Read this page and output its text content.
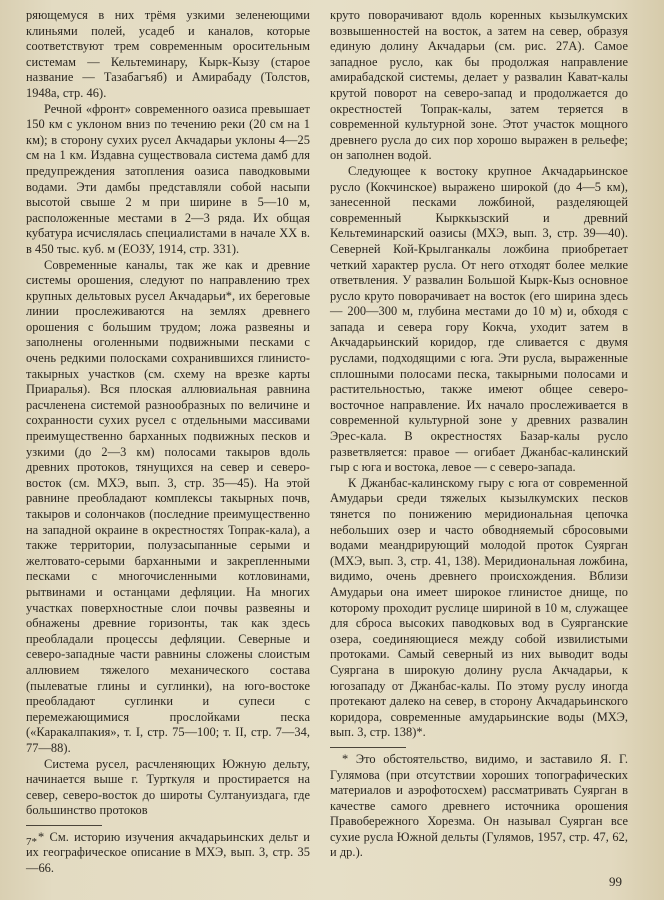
ряющемуся в них трёмя узкими зеленеющими клиньями полей, усадеб и каналов, которые соответствуют трем современным оросительным системам — Кельтеминару, Кырк-Кызу (старое название — Тазабагъяб) и Амирабаду (Толстов, 1948а, стр. 46).

Речной «фронт» современного оазиса превышает 150 км с уклоном вниз по течению реки (20 см на 1 км); в сторону сухих русел Акчадарьи уклоны 4—25 см на 1 км. Издавна существовала система дамб для предупреждения затопления оазиса паводковыми водами. Эти дамбы представляли собой насыпи высотой свыше 2 м при ширине в 5—10 м, расположенные местами в 2—3 ряда. Их общая кубатура исчислялась специалистами в начале XX в. в 450 тыс. куб. м (ЕОЗУ, 1914, стр. 331).

Современные каналы, так же как и древние системы орошения, следуют по направлению трех крупных дельтовых русел Акчадарьи*, их береговые линии прослеживаются на землях древнего орошения с большим трудом; ложа развеяны и заполнены оголенными подвижными песками с очень редкими полосками сохранившихся глинисто-такырных участков (см. схему на врезке карты Приаралья). Вся плоская аллювиальная равнина расчленена системой разнообразных по величине и сохранности сухих русел с отдельными массивами преимущественно барханных подвижных песков и узкими (до 2—3 км) полосами такыров вдоль древних протоков, тянущихся на север и северо-восток (см. МХЭ, вып. 3, стр. 35—45). На этой равнине преобладают комплексы такырных почв, такыров и солончаков (последние преимущественно на западной окраине в окрестностях Топрак-кала), а также территории, полузасыпанные серыми и желтовато-серыми барханными и закрепленными песками с многочисленными котловинами, рытвинами и останцами дефляции. На многих участках поверхностные слои почвы развеяны и обнажены древние горизонты, так как здесь преобладали процессы дефляции. Северные и северо-западные части равнины сложены слоистым аллювием тяжелого механического состава (пылеватые глины и суглинки), на юго-востоке преобладают суглинки и супеси с перемежающимися прослойками песка («Каракалпакия», т. I, стр. 75—100; т. II, стр. 7—34, 77—88).

Система русел, расчленяющих Южную дельту, начинается выше г. Турткуля и простирается на север, северо-восток до широты Султануиздага, где большинство протоков

* См. историю изучения акчадарьинских дельт и их географическое описание в МХЭ, вып. 3, стр. 35—66.

круто поворачивают вдоль коренных кызылкумских возвышенностей на восток, а затем на север, образуя единую долину Акчадарьи (см. рис. 27А). Самое западное русло, как бы продолжая направление амирабадской системы, делает у развалин Кават-калы крутой поворот на северо-запад и продолжается до окрестностей Топрак-калы, затем теряется в современной культурной зоне. Этот участок мощного древнего русла до сих пор хорошо выражен в рельефе; он заполнен водой.

Следующее к востоку крупное Акчадарьинское русло (Кокчинское) выражено широкой (до 4—5 км), занесенной песками ложбиной, разделяющей современный Кырккызский и древний Кельтеминарский оазисы (МХЭ, вып. 3, стр. 39—40). Северней Кой-Крылганкалы ложбина приобретает четкий характер русла. От него отходят более мелкие ответвления. У развалин Большой Кырк-Кыз основное русло круто поворачивает на восток (его ширина здесь — 200—300 м, глубина местами до 10 м) и, обходя с запада и севера гору Кокча, уходит затем в Акчадарьинский коридор, где сливается с двумя руслами, подходящими с юга. Эти русла, выраженные сплошными полосами песка, такырными полосами и растительностью, также имеют общее северо-восточное направление. Их начало прослеживается в современной культурной зоне у древних развалин Эрес-кала. В окрестностях Базар-калы русло разветвляется: правое — огибает Джанбас-калинский гыр с юга и востока, левое — с северо-запада.

К Джанбас-калинскому гыру с юга от современной Амударьи среди тяжелых кызылкумских песков тянется по понижению меридиональная цепочка небольших озер и часто обводняемый сбросовыми водами меандрирующий молодой проток Суярган (МХЭ, вып. 3, стр. 41, 138). Меридиональная ложбина, видимо, очень древнего происхождения. Вблизи Амударьи она имеет широкое глинистое днище, по которому проходит руслице шириной в 10 м, служащее для сброса высоких паводковых вод в Суярганские озера, соединяющиеся между собой извилистыми протоками. Самый северный из них выводит воды Суяргана в широкую долину русла Акчадарьи, к югозападу от Джанбас-калы. По этому руслу иногда протекают далеко на север, в сторону Акчадарьинского коридора, современные амударьинские воды (МХЭ, вып. 3, стр. 138)*.

* Это обстоятельство, видимо, и заставило Я. Г. Гулямова (при отсутствии хороших топографических материалов и аэрофотосхем) рассматривать Суярган в качестве самого древнего источника орошения Правобережного Хорезма. Он называл Суярган все сухие русла Южной дельты (Гулямов, 1957, стр. 47, 62, и др.).

7*
99
